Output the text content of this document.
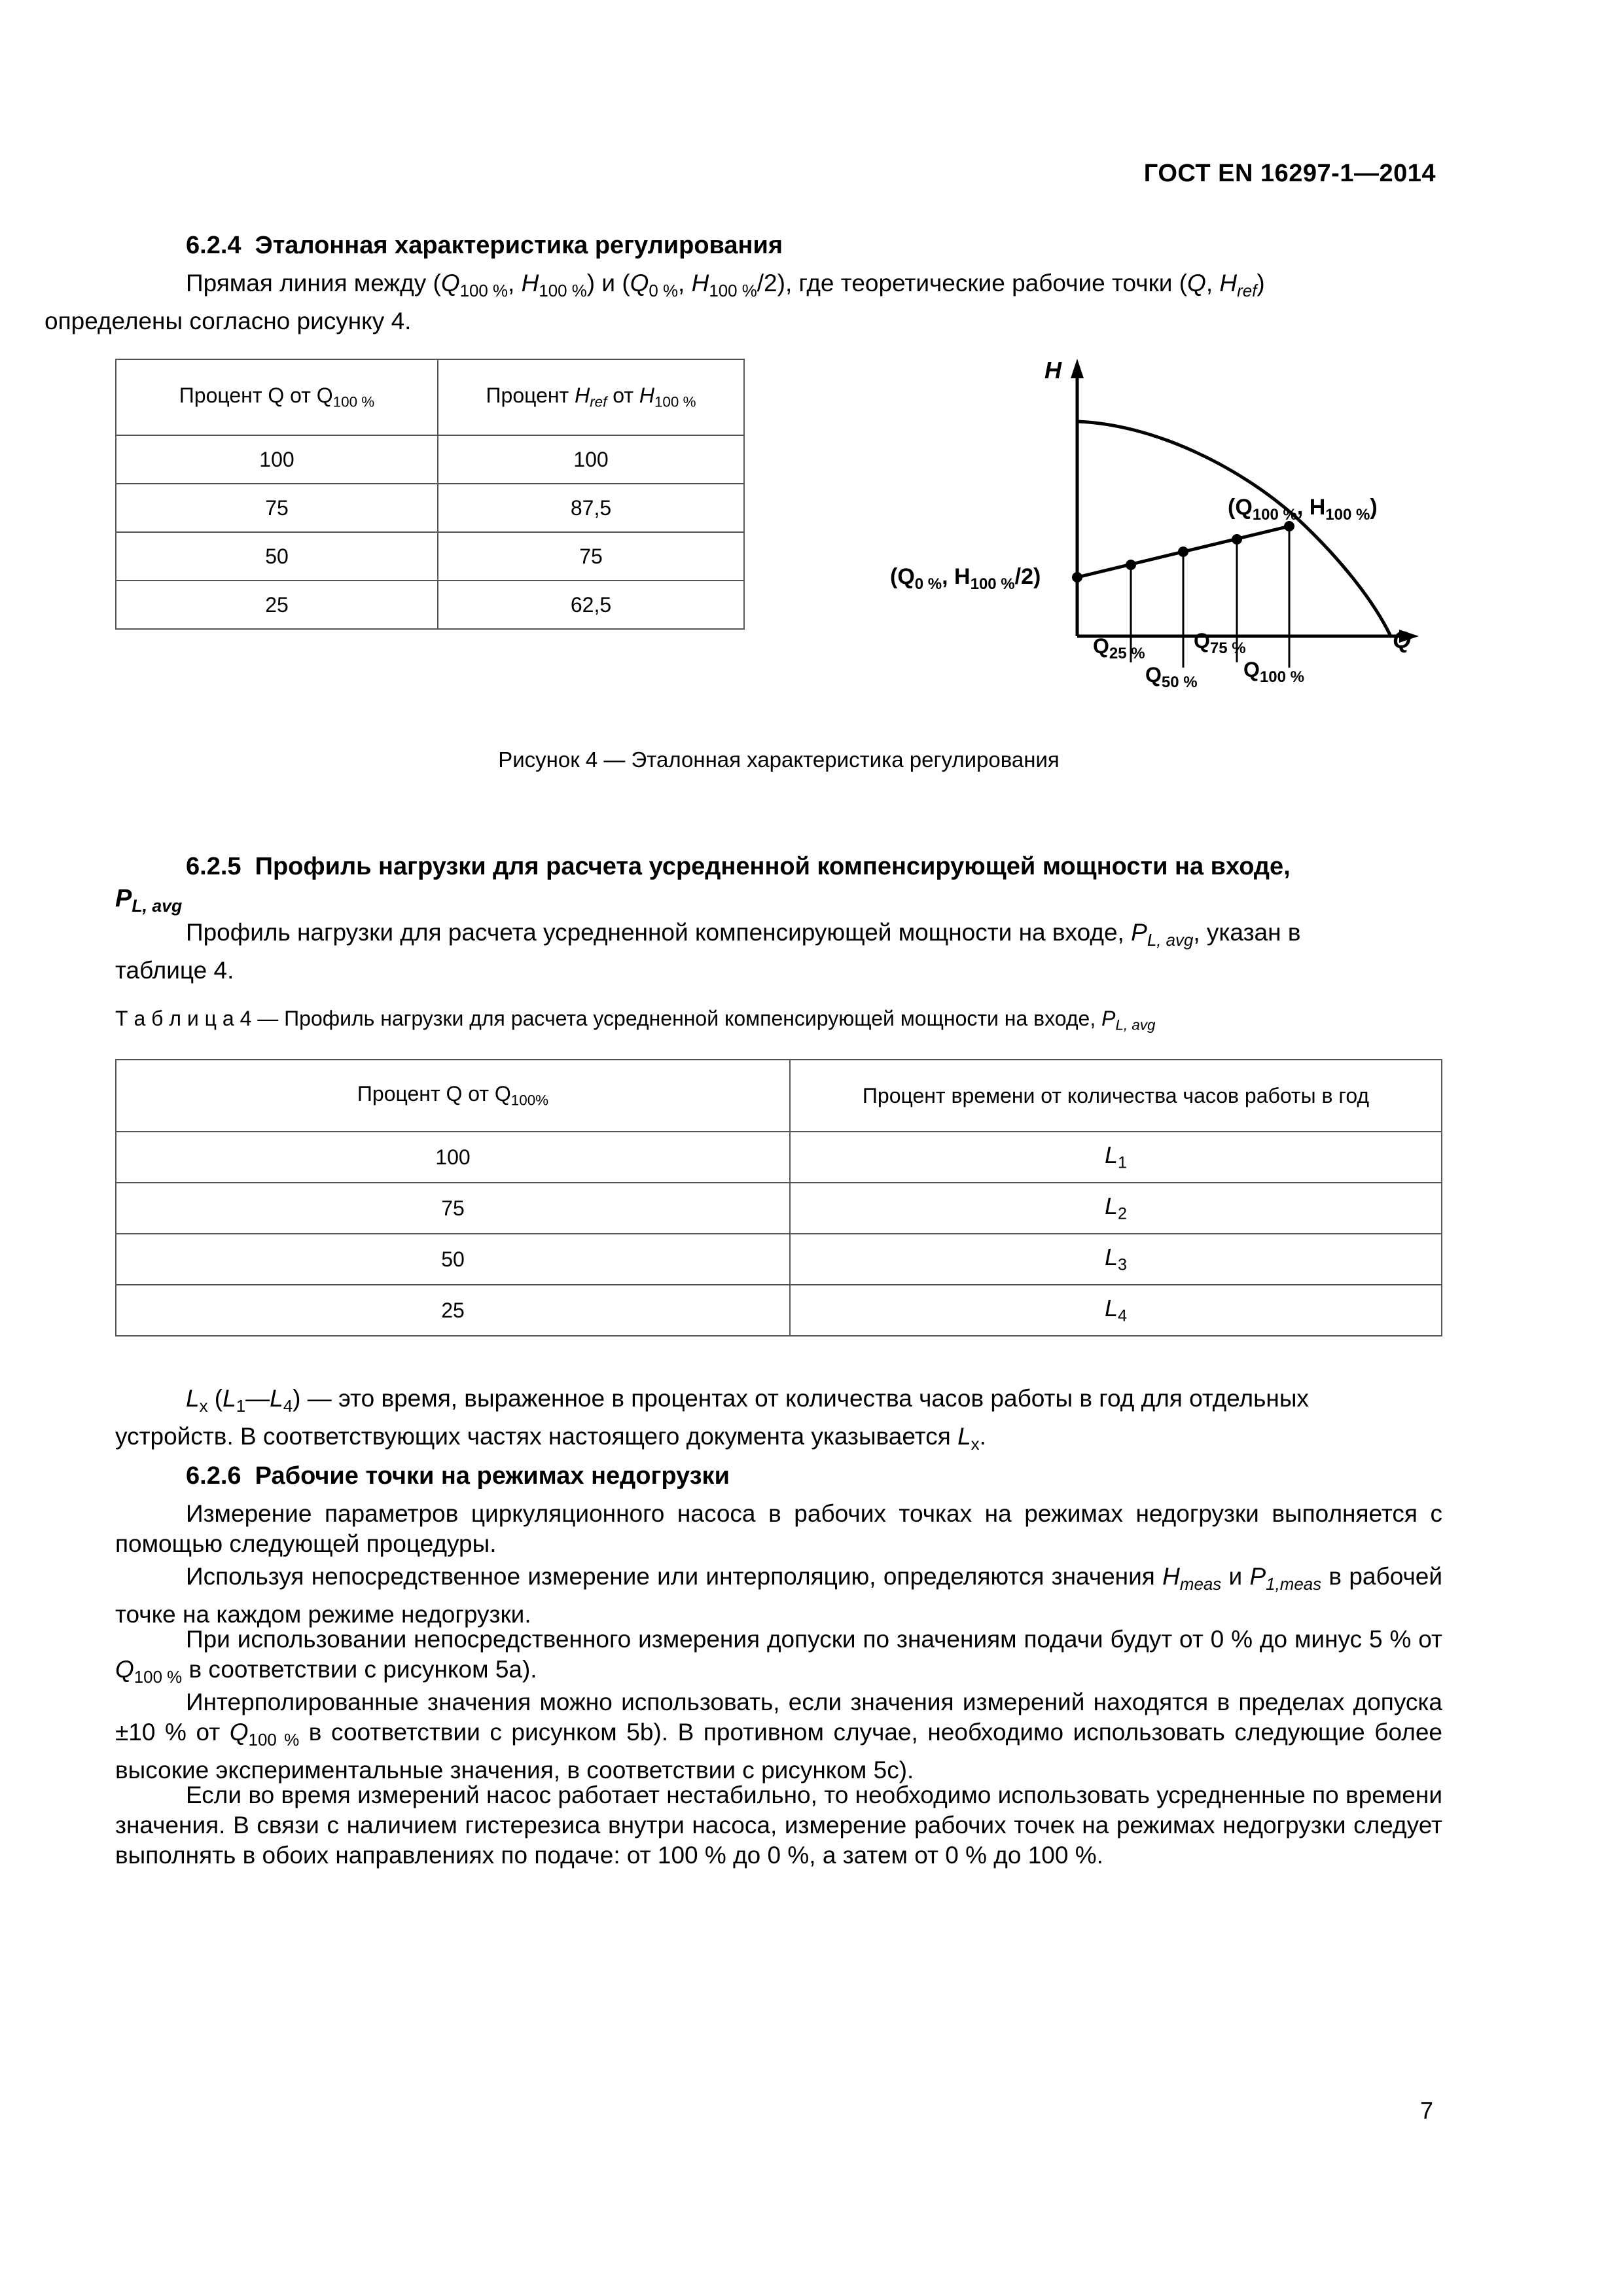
ГОСТ EN 16297-1—2014
6.2.4 Эталонная характеристика регулирования
Прямая линия между ($Q_{100 \%}$, $H_{100 \%}$) и ($Q_{0 \%}$, $H_{100 \%}/2$), где теоретические рабочие точки (Q, $H_{ref}$)
определены согласно рисунку 4.
Процент Q от $Q_{100 \%}$	Процент $H_{ref}$ от $H_{100 \%}$
100	100
75	87,5
50	75
25	62,5
H
Q
($Q_{100 \%}$, $H_{100 \%}$)
($Q_{0 \%}$, $H_{100 \%}/2$)
$Q_{25 \%}$
$Q_{50 \%}$
$Q_{75 \%}$
$Q_{100 \%}$
Рисунок 4 — Эталонная характеристика регулирования
6.2.5 Профиль нагрузки для расчета усредненной компенсирующей мощности на входе,
$P_{L, avg}$
Профиль нагрузки для расчета усредненной компенсирующей мощности на входе, $P_{L, avg}$, указан в
таблице 4.
Т а б л и ц а 4 — Профиль нагрузки для расчета усредненной компенсирующей мощности на входе, $P_{L, avg}$
Процент Q от $Q_{100\%}$	Процент времени от количества часов работы в год
100	$L_1$
75	$L_2$
50	$L_3$
25	$L_4$
$L_x$ $(L_1—L_4)$ — это время, выраженное в процентах от количества часов работы в год для отдельных
устройств. В соответствующих частях настоящего документа указывается $L_x$.
6.2.6 Рабочие точки на режимах недогрузки
Измерение параметров циркуляционного насоса в рабочих точках на режимах недогрузки выполняется с помощью следующей процедуры.
Используя непосредственное измерение или интерполяцию, определяются значения $H_{meas}$ и $P_{1,meas}$ в рабочей точке на каждом режиме недогрузки.
При использовании непосредственного измерения допуски по значениям подачи будут от 0 % до минус 5 % от $Q_{100 \%}$ в соответствии с рисунком 5а).
Интерполированные значения можно использовать, если значения измерений находятся в пределах допуска ±10 % от $Q_{100 \%}$ в соответствии с рисунком 5b). В противном случае, необходимо использовать следующие более высокие экспериментальные значения, в соответствии с рисунком 5c).
Если во время измерений насос работает нестабильно, то необходимо использовать усредненные по времени значения. В связи с наличием гистерезиса внутри насоса, измерение рабочих точек на режимах недогрузки следует выполнять в обоих направлениях по подаче: от 100 % до 0 %, а затем от 0 % до 100 %.
7
